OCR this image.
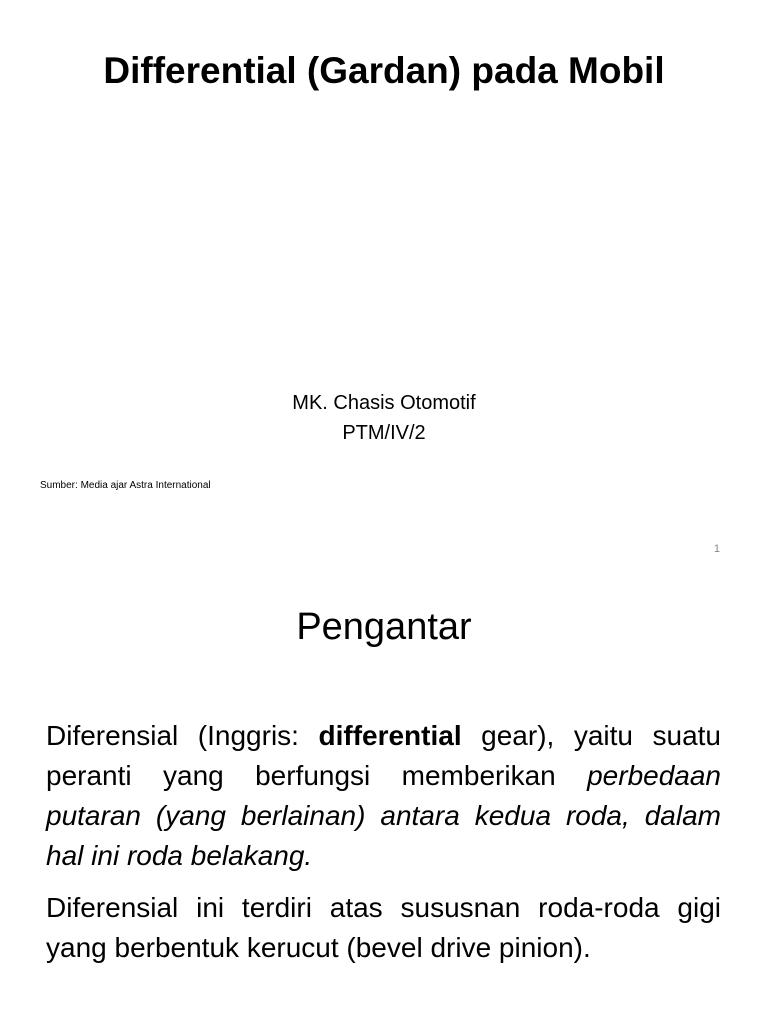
Differential (Gardan) pada Mobil
MK. Chasis Otomotif
PTM/IV/2
Sumber: Media ajar Astra International
1
Pengantar

Diferensial (Inggris: differential gear), yaitu suatu peranti yang berfungsi memberikan perbedaan putaran (yang berlainan) antara kedua roda, dalam hal ini roda belakang.

Diferensial ini terdiri atas sususnan roda-roda gigi yang berbentuk kerucut (bevel drive pinion).
